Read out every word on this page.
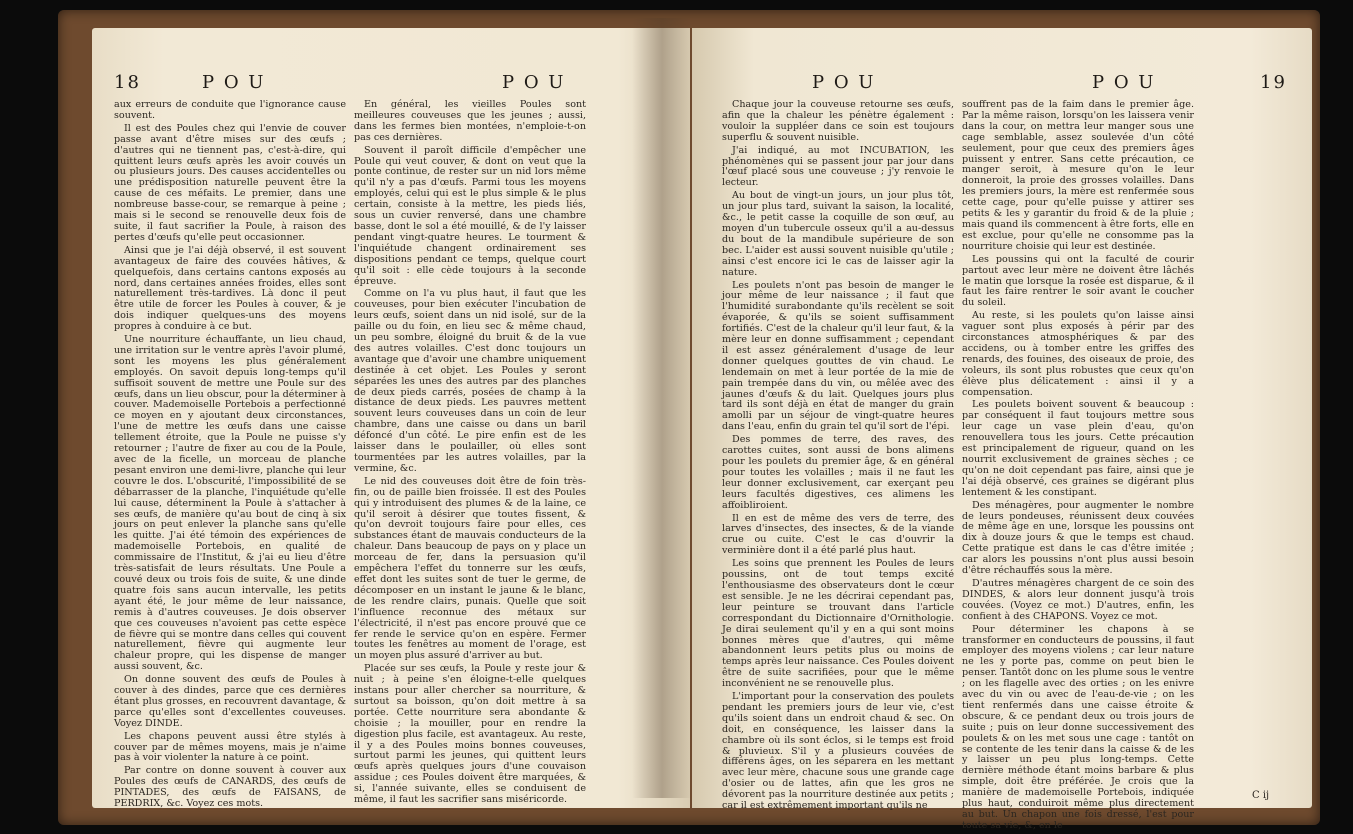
18	P O U	P O U

aux erreurs de conduite que l'ignorance cause souvent.

Il est des Poules chez qui l'envie de couver passe avant d'être mises sur des œufs ; d'autres qui ne tiennent pas, c'est-à-dire, qui quittent leurs œufs après les avoir couvés un ou plusieurs jours. Des causes accidentelles ou une prédisposition naturelle peuvent être la cause de ces méfaits. Le premier, dans une nombreuse basse-cour, se remarque à peine ; mais si le second se renouvelle deux fois de suite, il faut sacrifier la Poule, à raison des pertes d'œufs qu'elle peut occasionner.

Ainsi que je l'ai déjà observé, il est souvent avantageux de faire des couvées hâtives, & quelquefois, dans certains cantons exposés au nord, dans certaines années froides, elles sont naturellement très-tardives. Là donc il peut être utile de forcer les Poules à couver, & je dois indiquer quelques-uns des moyens propres à conduire à ce but.

Une nourriture échauffante, un lieu chaud, une irritation sur le ventre après l'avoir plumé, sont les moyens les plus généralement employés. On savoit depuis long-temps qu'il suffisoit souvent de mettre une Poule sur des œufs, dans un lieu obscur, pour la déterminer à couver. Mademoiselle Portebois a perfectionné ce moyen en y ajoutant deux circonstances, l'une de mettre les œufs dans une caisse tellement étroite, que la Poule ne puisse s'y retourner ; l'autre de fixer au cou de la Poule, avec de la ficelle, un morceau de planche pesant environ une demi-livre, planche qui leur couvre le dos. L'obscurité, l'impossibilité de se débarrasser de la planche, l'inquiétude qu'elle lui cause, déterminent la Poule à s'attacher à ses œufs, de manière qu'au bout de cinq à six jours on peut enlever la planche sans qu'elle les quitte. J'ai été témoin des expériences de mademoiselle Portebois, en qualité de commissaire de l'Institut, & j'ai eu lieu d'être très-satisfait de leurs résultats. Une Poule a couvé deux ou trois fois de suite, & une dinde quatre fois sans aucun intervalle, les petits ayant été, le jour même de leur naissance, remis à d'autres couveuses. Je dois observer que ces couveuses n'avoient pas cette espèce de fièvre qui se montre dans celles qui couvent naturellement, fièvre qui augmente leur chaleur propre, qui les dispense de manger aussi souvent, &c.

On donne souvent des œufs de Poules à couver à des dindes, parce que ces dernières étant plus grosses, en recouvrent davantage, & parce qu'elles sont d'excellentes couveuses. Voyez DINDE.

Les chapons peuvent aussi être stylés à couver par de mêmes moyens, mais je n'aime pas à voir violenter la nature à ce point.

Par contre on donne souvent à couver aux Poules des œufs de CANARDS, des œufs de PINTADES, des œufs de FAISANS, de PERDRIX, &c. Voyez ces mots.

En général, les vieilles Poules sont meilleures couveuses que les jeunes ; aussi, dans les fermes bien montées, n'emploie-t-on pas ces dernières.

Souvent il paroît difficile d'empêcher une Poule qui veut couver, & dont on veut que la ponte continue, de rester sur un nid lors même qu'il n'y a pas d'œufs. Parmi tous les moyens employés, celui qui est le plus simple & le plus certain, consiste à la mettre, les pieds liés, sous un cuvier renversé, dans une chambre basse, dont le sol a été mouillé, & de l'y laisser pendant vingt-quatre heures. Le tourment & l'inquiétude changent ordinairement ses dispositions pendant ce temps, quelque court qu'il soit : elle cède toujours à la seconde épreuve.

Comme on l'a vu plus haut, il faut que les couveuses, pour bien exécuter l'incubation de leurs œufs, soient dans un nid isolé, sur de la paille ou du foin, en lieu sec & même chaud, un peu sombre, éloigné du bruit & de la vue des autres volailles. C'est donc toujours un avantage que d'avoir une chambre uniquement destinée à cet objet. Les Poules y seront séparées les unes des autres par des planches de deux pieds carrés, posées de champ à la distance de deux pieds. Les pauvres mettent souvent leurs couveuses dans un coin de leur chambre, dans une caisse ou dans un baril défoncé d'un côté. Le pire enfin est de les laisser dans le poulailler, où elles sont tourmentées par les autres volailles, par la vermine, &c.

Le nid des couveuses doit être de foin très-fin, ou de paille bien froissée. Il est des Poules qui y introduisent des plumes & de la laine, ce qu'il seroit à désirer que toutes fissent, & qu'on devroit toujours faire pour elles, ces substances étant de mauvais conducteurs de la chaleur. Dans beaucoup de pays on y place un morceau de fer, dans la persuasion qu'il empêchera l'effet du tonnerre sur les œufs, effet dont les suites sont de tuer le germe, de décomposer en un instant le jaune & le blanc, de les rendre clairs, punais. Quelle que soit l'influence reconnue des métaux sur l'électricité, il n'est pas encore prouvé que ce fer rende le service qu'on en espère. Fermer toutes les fenêtres au moment de l'orage, est un moyen plus assuré d'arriver au but.

Placée sur ses œufs, la Poule y reste jour & nuit ; à peine s'en éloigne-t-elle quelques instans pour aller chercher sa nourriture, & surtout sa boisson, qu'on doit mettre à sa portée. Cette nourriture sera abondante & choisie ; la mouiller, pour en rendre la digestion plus facile, est avantageux. Au reste, il y a des Poules moins bonnes couveuses, surtout parmi les jeunes, qui quittent leurs œufs après quelques jours d'une couvaison assidue ; ces Poules doivent être marquées, & si, l'année suivante, elles se conduisent de même, il faut les sacrifier sans miséricorde.

P O U	P O U	19

Chaque jour la couveuse retourne ses œufs, afin que la chaleur les pénètre également : vouloir la suppléer dans ce soin est toujours superflu & souvent nuisible.

J'ai indiqué, au mot INCUBATION, les phénomènes qui se passent jour par jour dans l'œuf placé sous une couveuse ; j'y renvoie le lecteur.

Au bout de vingt-un jours, un jour plus tôt, un jour plus tard, suivant la saison, la localité, &c., le petit casse la coquille de son œuf, au moyen d'un tubercule osseux qu'il a au-dessus du bout de la mandibule supérieure de son bec. L'aider est aussi souvent nuisible qu'utile ; ainsi c'est encore ici le cas de laisser agir la nature.

Les poulets n'ont pas besoin de manger le jour même de leur naissance ; il faut que l'humidité surabondante qu'ils recèlent se soit évaporée, & qu'ils se soient suffisamment fortifiés. C'est de la chaleur qu'il leur faut, & la mère leur en donne suffisamment ; cependant il est assez généralement d'usage de leur donner quelques gouttes de vin chaud. Le lendemain on met à leur portée de la mie de pain trempée dans du vin, ou mêlée avec des jaunes d'œufs & du lait. Quelques jours plus tard ils sont déjà en état de manger du grain amolli par un séjour de vingt-quatre heures dans l'eau, enfin du grain tel qu'il sort de l'épi.

Des pommes de terre, des raves, des carottes cuites, sont aussi de bons alimens pour les poulets du premier âge, & en général pour toutes les volailles ; mais il ne faut les leur donner exclusivement, car exerçant peu leurs facultés digestives, ces alimens les affoibliroient.

Il en est de même des vers de terre, des larves d'insectes, des insectes, & de la viande crue ou cuite. C'est le cas d'ouvrir la verminière dont il a été parlé plus haut.

Les soins que prennent les Poules de leurs poussins, ont de tout temps excité l'enthousiasme des observateurs dont le cœur est sensible. Je ne les décrirai cependant pas, leur peinture se trouvant dans l'article correspondant du Dictionnaire d'Ornithologie. Je dirai seulement qu'il y en a qui sont moins bonnes mères que d'autres, qui même abandonnent leurs petits plus ou moins de temps après leur naissance. Ces Poules doivent être de suite sacrifiées, pour que le même inconvénient ne se renouvelle plus.

L'important pour la conservation des poulets pendant les premiers jours de leur vie, c'est qu'ils soient dans un endroit chaud & sec. On doit, en conséquence, les laisser dans la chambre où ils sont éclos, si le temps est froid & pluvieux. S'il y a plusieurs couvées de différens âges, on les séparera en les mettant avec leur mère, chacune sous une grande cage d'osier ou de lattes, afin que les gros ne dévorent pas la nourriture destinée aux petits ; car il est extrêmement important qu'ils ne

souffrent pas de la faim dans le premier âge. Par la même raison, lorsqu'on les laissera venir dans la cour, on mettra leur manger sous une cage semblable, assez soulevée d'un côté seulement, pour que ceux des premiers âges puissent y entrer. Sans cette précaution, ce manger seroit, à mesure qu'on le leur donneroit, la proie des grosses volailles. Dans les premiers jours, la mère est renfermée sous cette cage, pour qu'elle puisse y attirer ses petits & les y garantir du froid & de la pluie ; mais quand ils commencent à être forts, elle en est exclue, pour qu'elle ne consomme pas la nourriture choisie qui leur est destinée.

Les poussins qui ont la faculté de courir partout avec leur mère ne doivent être lâchés le matin que lorsque la rosée est disparue, & il faut les faire rentrer le soir avant le coucher du soleil.

Au reste, si les poulets qu'on laisse ainsi vaguer sont plus exposés à périr par des circonstances atmosphériques & par des accidens, ou à tomber entre les griffes des renards, des fouines, des oiseaux de proie, des voleurs, ils sont plus robustes que ceux qu'on élève plus délicatement : ainsi il y a compensation.

Les poulets boivent souvent & beaucoup : par conséquent il faut toujours mettre sous leur cage un vase plein d'eau, qu'on renouvellera tous les jours. Cette précaution est principalement de rigueur, quand on les nourrit exclusivement de graines sèches ; ce qu'on ne doit cependant pas faire, ainsi que je l'ai déjà observé, ces graines se digérant plus lentement & les constipant.

Des ménagères, pour augmenter le nombre de leurs pondeuses, réunissent deux couvées de même âge en une, lorsque les poussins ont dix à douze jours & que le temps est chaud. Cette pratique est dans le cas d'être imitée ; car alors les poussins n'ont plus aussi besoin d'être réchauffés sous la mère.

D'autres ménagères chargent de ce soin des DINDES, & alors leur donnent jusqu'à trois couvées. (Voyez ce mot.) D'autres, enfin, les confient à des CHAPONS. Voyez ce mot.

Pour déterminer les chapons à se transformer en conducteurs de poussins, il faut employer des moyens violens ; car leur nature ne les y porte pas, comme on peut bien le penser. Tantôt donc on les plume sous le ventre ; on les flagelle avec des orties ; on les enivre avec du vin ou avec de l'eau-de-vie ; on les tient renfermés dans une caisse étroite & obscure, & ce pendant deux ou trois jours de suite ; puis on leur donne successivement des poulets & on les met sous une cage : tantôt on se contente de les tenir dans la caisse & de les y laisser un peu plus long-temps. Cette dernière méthode étant moins barbare & plus simple, doit être préférée. Je crois que la manière de mademoiselle Portebois, indiquée plus haut, conduiroit même plus directement au but. Un chapon une fois dressé, l'est pour toute sa vie, &, en le

C ij
